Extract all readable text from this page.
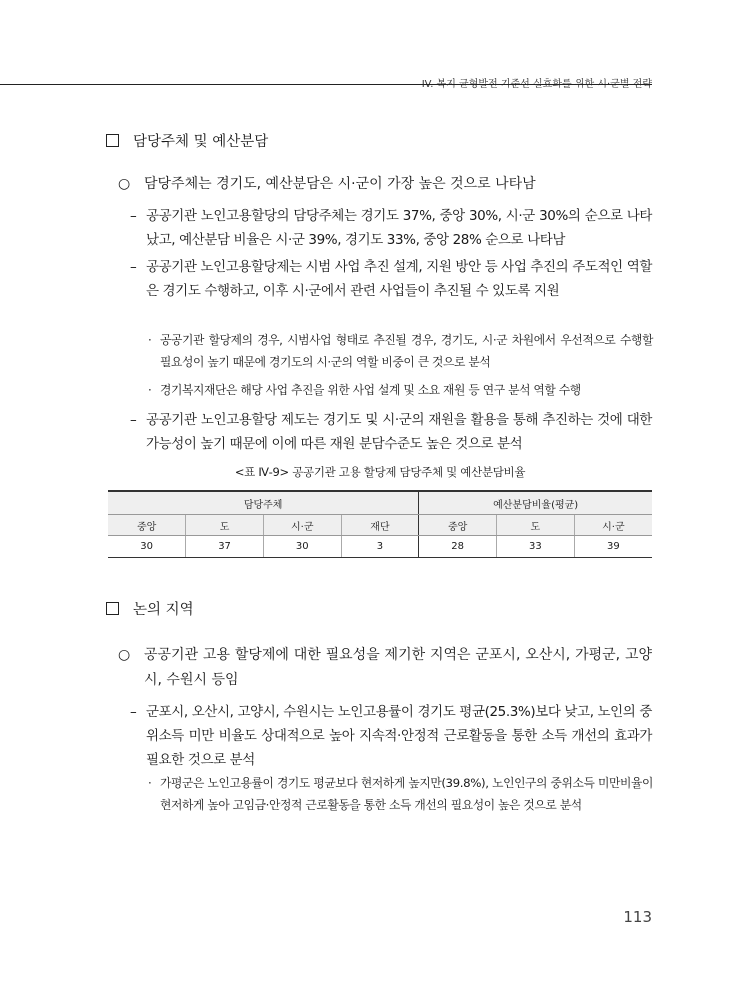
IV. 복지 균형발전 기준선 실효화를 위한 시·군별 전략
담당주체 및 예산분담
○ 담당주체는 경기도, 예산분담은 시·군이 가장 높은 것으로 나타남
– 공공기관 노인고용할당의 담당주체는 경기도 37%, 중앙 30%, 시·군 30%의 순으로 나타났고, 예산분담 비율은 시·군 39%, 경기도 33%, 중앙 28% 순으로 나타남
– 공공기관 노인고용할당제는 시범 사업 추진 설계, 지원 방안 등 사업 추진의 주도적인 역할은 경기도 수행하고, 이후 시·군에서 관련 사업들이 추진될 수 있도록 지원
· 공공기관 할당제의 경우, 시범사업 형태로 추진될 경우, 경기도, 시·군 차원에서 우선적으로 수행할 필요성이 높기 때문에 경기도의 시·군의 역할 비중이 큰 것으로 분석
· 경기복지재단은 해당 사업 추진을 위한 사업 설계 및 소요 재원 등 연구 분석 역할 수행
– 공공기관 노인고용할당 제도는 경기도 및 시·군의 재원을 활용을 통해 추진하는 것에 대한 가능성이 높기 때문에 이에 따른 재원 분담수준도 높은 것으로 분석
<표 Ⅳ-9> 공공기관 고용 할당제 담당주체 및 예산분담비율
담당주체				예산분담비율(평균)		
중앙	도	시·군	재단	중앙	도	시·군
30	37	30	3	28	33	39
논의 지역
○ 공공기관 고용 할당제에 대한 필요성을 제기한 지역은 군포시, 오산시, 가평군, 고양시, 수원시 등임
– 군포시, 오산시, 고양시, 수원시는 노인고용률이 경기도 평균(25.3%)보다 낮고, 노인의 중위소득 미만 비율도 상대적으로 높아 지속적·안정적 근로활동을 통한 소득 개선의 효과가 필요한 것으로 분석
· 가평군은 노인고용률이 경기도 평균보다 현저하게 높지만(39.8%), 노인인구의 중위소득 미만비율이 현저하게 높아 고임금·안정적 근로활동을 통한 소득 개선의 필요성이 높은 것으로 분석
113
